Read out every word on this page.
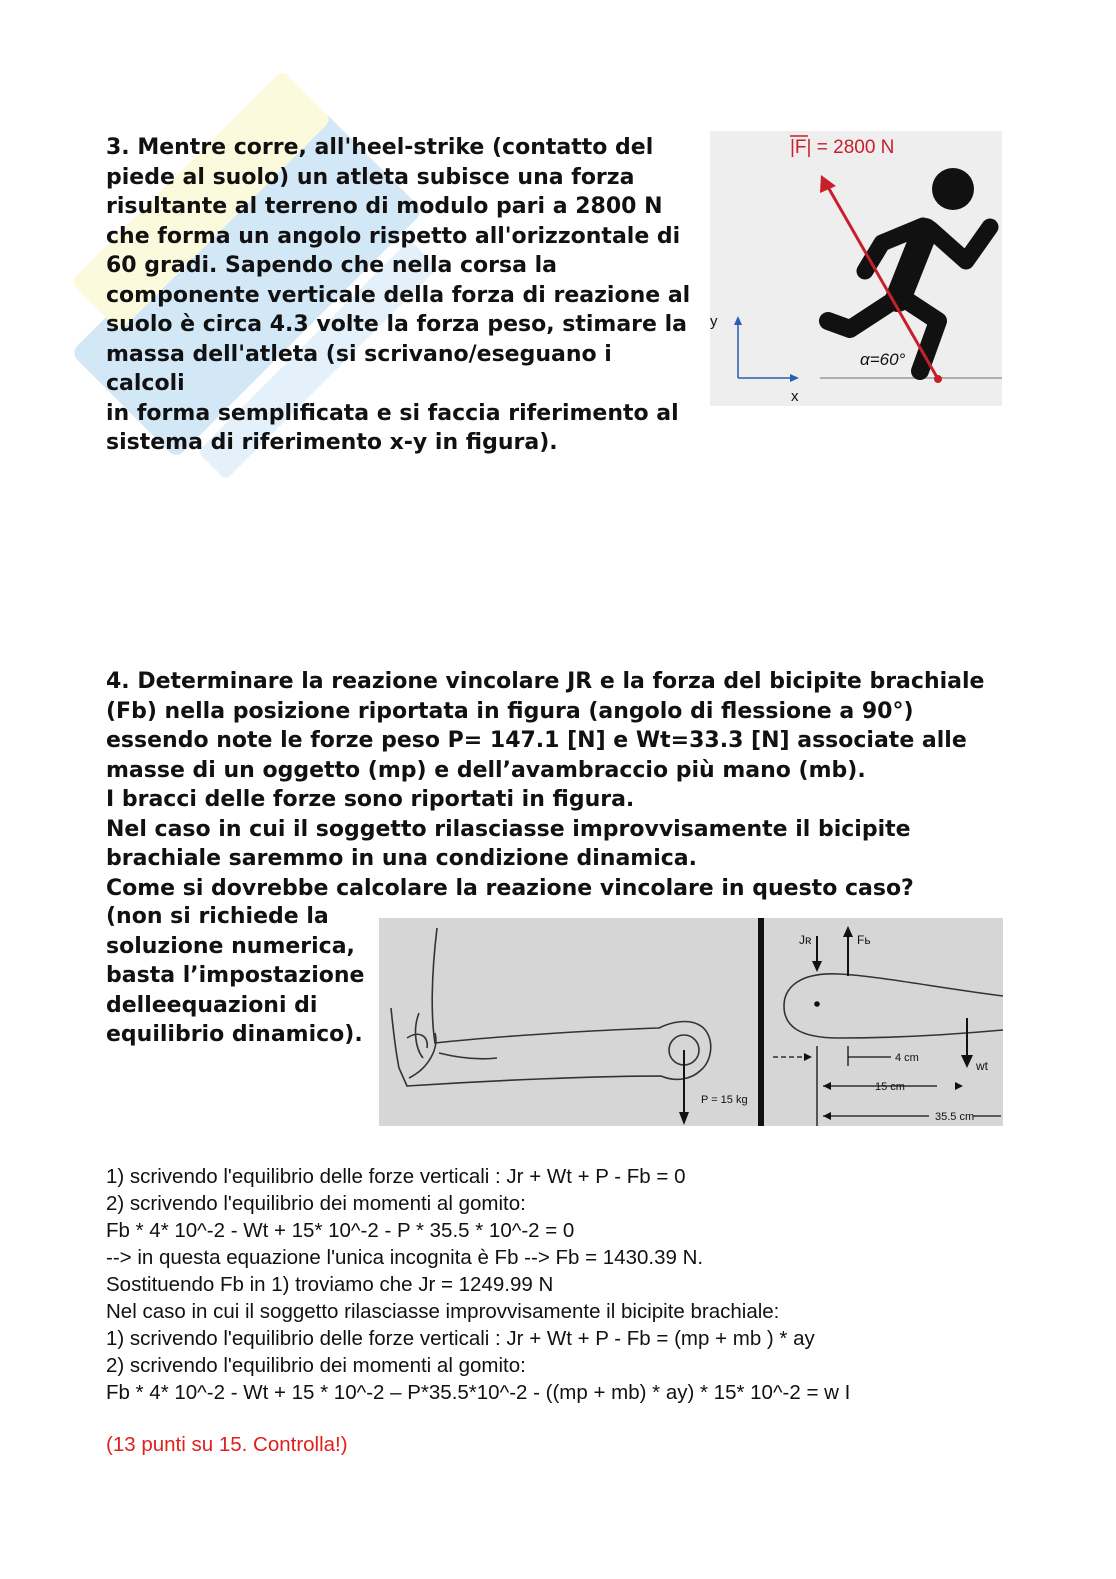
3. Mentre corre, all'heel-strike (contatto del
piede al suolo) un atleta subisce una forza
risultante al terreno di modulo pari a 2800 N
che forma un angolo rispetto all'orizzontale di
60 gradi. Sapendo che nella corsa la
componente verticale della forza di reazione al
suolo è circa 4.3 volte la forza peso, stimare la
massa dell'atleta (si scrivano/eseguano i calcoli
in forma semplificata e si faccia riferimento al
sistema di riferimento x-y in figura).
|F| = 2800 N
α=60°
y
x
4. Determinare la reazione vincolare JR e la forza del bicipite brachiale
(Fb) nella posizione riportata in figura (angolo di flessione a 90°)
essendo note le forze peso P= 147.1 [N] e Wt=33.3 [N] associate alle
masse di un oggetto (mp) e dell’avambraccio più mano (mb).
I bracci delle forze sono riportati in figura.
Nel caso in cui il soggetto rilasciasse improvvisamente il bicipite
brachiale saremmo in una condizione dinamica.
Come si dovrebbe calcolare la reazione vincolare in questo caso?
(non si richiede la
soluzione numerica,
basta l’impostazione
delleequazioni di
equilibrio dinamico).
P = 15 kg
Jʀ	Fь
wt
4 cm
15 cm
35.5 cm
1) scrivendo l'equilibrio delle forze verticali : Jr + Wt + P - Fb = 0
2) scrivendo l'equilibrio dei momenti al gomito:
Fb * 4* 10^-2 - Wt + 15* 10^-2 - P * 35.5 * 10^-2 = 0
--> in questa equazione l'unica incognita è Fb --> Fb = 1430.39 N.
Sostituendo Fb in 1) troviamo che Jr = 1249.99 N
Nel caso in cui il soggetto rilasciasse improvvisamente il bicipite brachiale:
1) scrivendo l'equilibrio delle forze verticali : Jr + Wt + P - Fb = (mp + mb ) * ay
2) scrivendo l'equilibrio dei momenti al gomito:
Fb * 4* 10^-2 - Wt + 15 * 10^-2 – P*35.5*10^-2 - ((mp + mb) * ay) * 15* 10^-2 = w I
(13 punti su 15. Controlla!)
